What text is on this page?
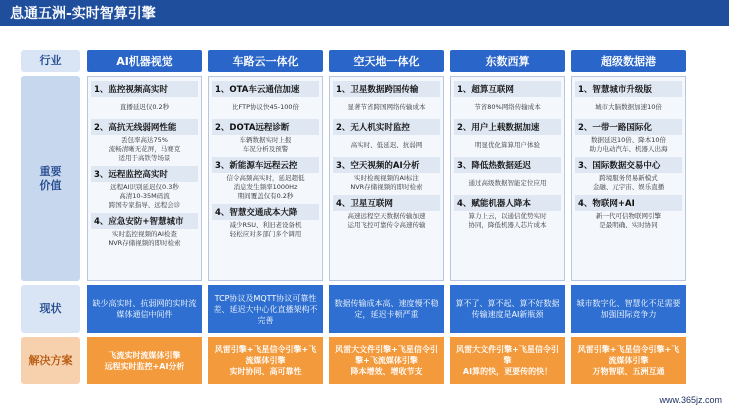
息通五洲-实时智算引擎
行业
重要
价值
现状
解决方案
AI机器视觉
1、监控视频高实时
直播延迟仅0.2秒
2、高抗无线弱网性能
丢包率高达75%
流畅清晰无花屏，马赛克
适用于高铁等场景
3、远程监控高实时
远程AI识别延迟仅0.3秒
高清10-35M码流
跨国专家指导、远程会诊
4、应急安防+智慧城市
实时监控视频的AI检查
NVR存储视频的即时检索
缺少高实时、抗弱网的实时流媒体通信中间件
飞流实时流媒体引擎
远程实时监控+AI分析
车路云一体化
1、OTA车云通信加速
比FTP协议快45-100倍
2、DOTA远程诊断
车辆数据实时上报
车况分析及预警
3、新能源车远程云控
信令高频高实时，延迟超低
消息发生频率1000Hz
期间覆盖仅有0.2秒
4、智慧交通成本大降
减少RSU、利旧老设备机
轻松应对多部门多个调用
TCP协议及MQTT协议可靠性差、延迟大中心化直播架构不完善
风雷引擎+飞星信令引擎+飞流媒体引擎
实时协同、高可靠性
空天地一体化
1、卫星数据跨国传输
显著节省跨国网络传输成本
2、无人机实时监控
高实时、低延迟、抗弱网
3、空天视频的AI分析
实时检视视频的AI标注
NVR存储视频的即时检索
4、卫星互联网
高速远程空天数据传输加速
运用飞控可靠传令高速传输
数据传输成本高、速度慢不稳定，延迟卡顿严重
风雷大文件引擎+飞星信令引擎+飞流媒体引擎
降本增效、增收节支
东数西算
1、超算互联网
节省80%网络传输成本
2、用户上载数据加速
明显优化算算用户体验
3、降低热数据延迟
通过高级数据智能定位应用
4、赋能机器人降本
算力上云，以通信优势实时
协同，降低机器人芯片成本
算不了、算不起、算不好数据传输速度是AI新瓶颈
风雷大文件引擎+飞星信令引擎
AI算的快，更要传的快！
超级数据港
1、智慧城市升级版
城市大脑数据加速10倍
2、一带一路国际化
数据延迟10倍、降本10倍
助力电动汽车、机器人出海
3、国际数据交易中心
跨境服务贸易新模式
金融、元宇宙、娱乐直播
4、物联网+AI
新一代可信物联网引擎
是最明确、实时协同
城市数字化、智慧化不足需要加强国际竞争力
风雷引擎+飞星信令引擎+飞流媒体引擎
万物智联、五洲互通
www.365jz.com
